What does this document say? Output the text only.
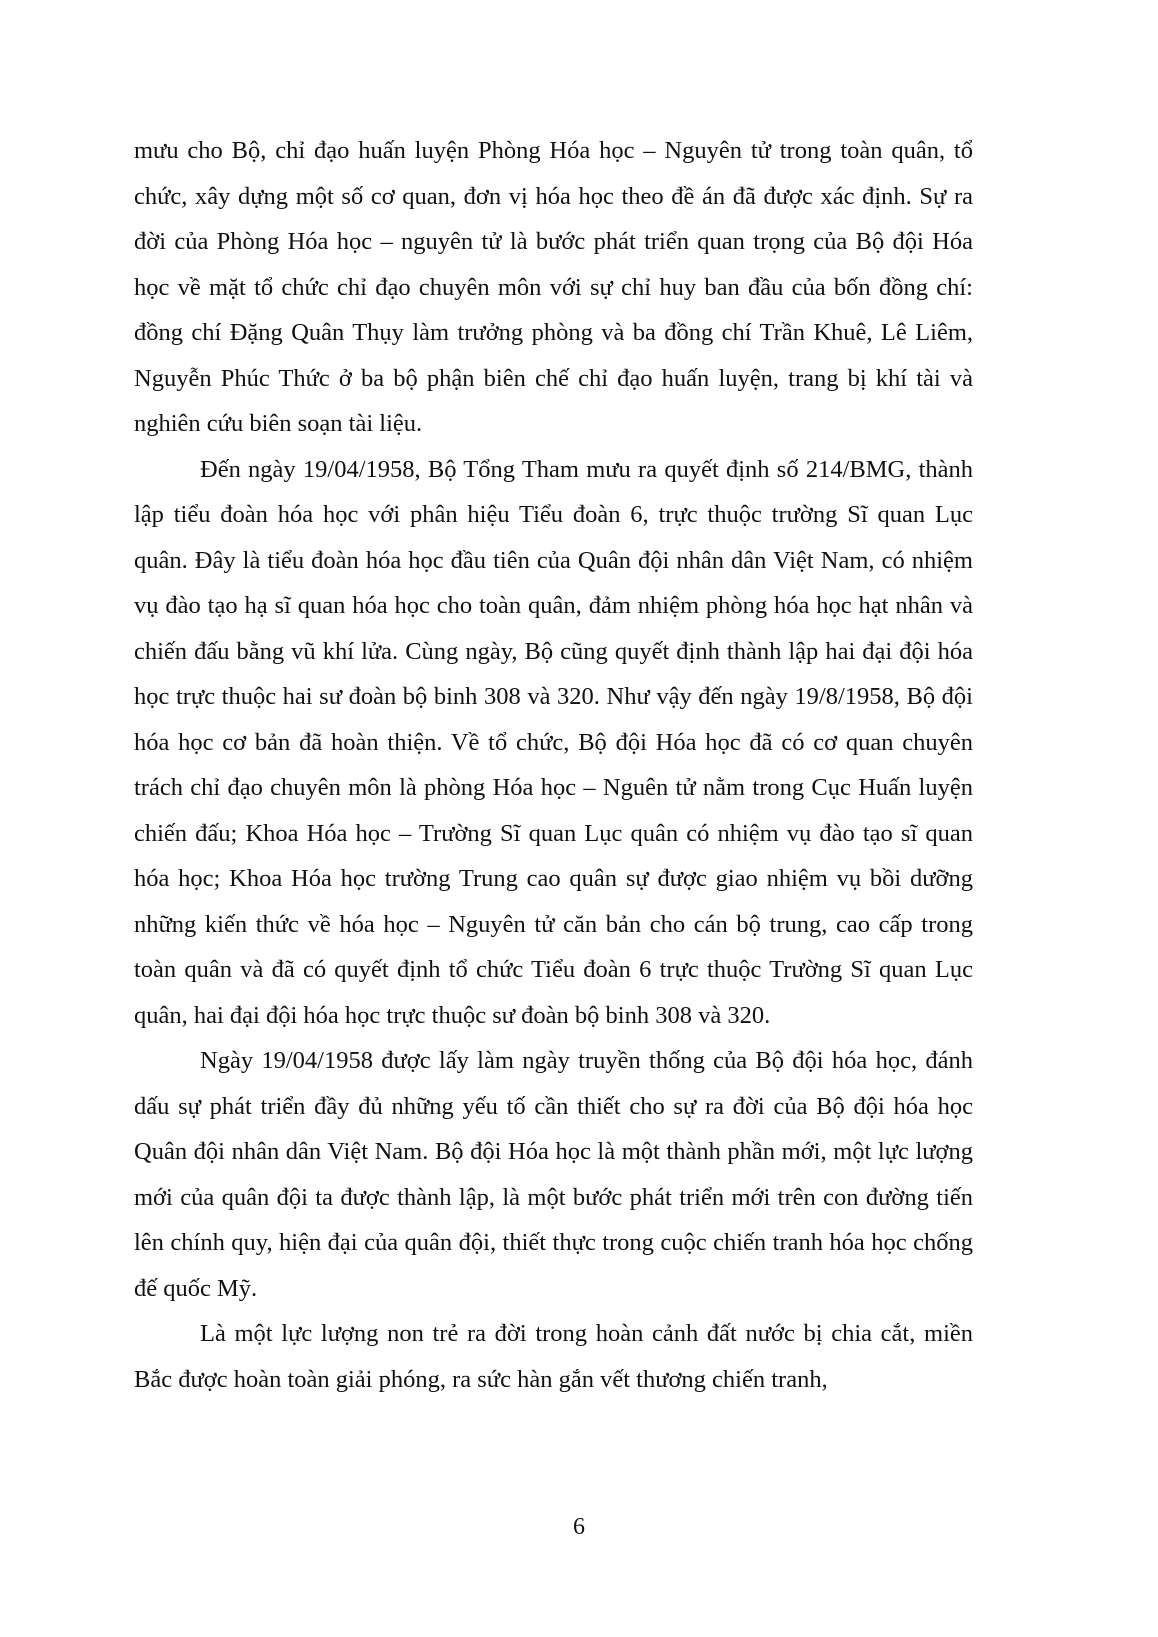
mưu cho Bộ, chỉ đạo huấn luyện Phòng Hóa học – Nguyên tử trong toàn quân, tổ chức, xây dựng một số cơ quan, đơn vị hóa học theo đề án đã được xác định. Sự ra đời của Phòng Hóa học – nguyên tử là bước phát triển quan trọng của Bộ đội Hóa học về mặt tổ chức chỉ đạo chuyên môn với sự chỉ huy ban đầu của bốn đồng chí: đồng chí Đặng Quân Thụy làm trưởng phòng và ba đồng chí Trần Khuê, Lê Liêm, Nguyễn Phúc Thức ở ba bộ phận biên chế chỉ đạo huấn luyện, trang bị khí tài và nghiên cứu biên soạn tài liệu.

Đến ngày 19/04/1958, Bộ Tổng Tham mưu ra quyết định số 214/BMG, thành lập tiểu đoàn hóa học với phân hiệu Tiểu đoàn 6, trực thuộc trường Sĩ quan Lục quân. Đây là tiểu đoàn hóa học đầu tiên của Quân đội nhân dân Việt Nam, có nhiệm vụ đào tạo hạ sĩ quan hóa học cho toàn quân, đảm nhiệm phòng hóa học hạt nhân và chiến đấu bằng vũ khí lửa. Cùng ngày, Bộ cũng quyết định thành lập hai đại đội hóa học trực thuộc hai sư đoàn bộ binh 308 và 320. Như vậy đến ngày 19/8/1958, Bộ đội hóa học cơ bản đã hoàn thiện. Về tổ chức, Bộ đội Hóa học đã có cơ quan chuyên trách chỉ đạo chuyên môn là phòng Hóa học – Nguên tử nằm trong Cục Huấn luyện chiến đấu; Khoa Hóa học – Trường Sĩ quan Lục quân có nhiệm vụ đào tạo sĩ quan hóa học; Khoa Hóa học trường Trung cao quân sự được giao nhiệm vụ bồi dưỡng những kiến thức về hóa học – Nguyên tử căn bản cho cán bộ trung, cao cấp trong toàn quân và đã có quyết định tổ chức Tiểu đoàn 6 trực thuộc Trường Sĩ quan Lục quân, hai đại đội hóa học trực thuộc sư đoàn bộ binh 308 và 320.

Ngày 19/04/1958 được lấy làm ngày truyền thống của Bộ đội hóa học, đánh dấu sự phát triển đầy đủ những yếu tố cần thiết cho sự ra đời của Bộ đội hóa học Quân đội nhân dân Việt Nam. Bộ đội Hóa học là một thành phần mới, một lực lượng mới của quân đội ta được thành lập, là một bước phát triển mới trên con đường tiến lên chính quy, hiện đại của quân đội, thiết thực trong cuộc chiến tranh hóa học chống đế quốc Mỹ.

Là một lực lượng non trẻ ra đời trong hoàn cảnh đất nước bị chia cắt, miền Bắc được hoàn toàn giải phóng, ra sức hàn gắn vết thương chiến tranh,

6
